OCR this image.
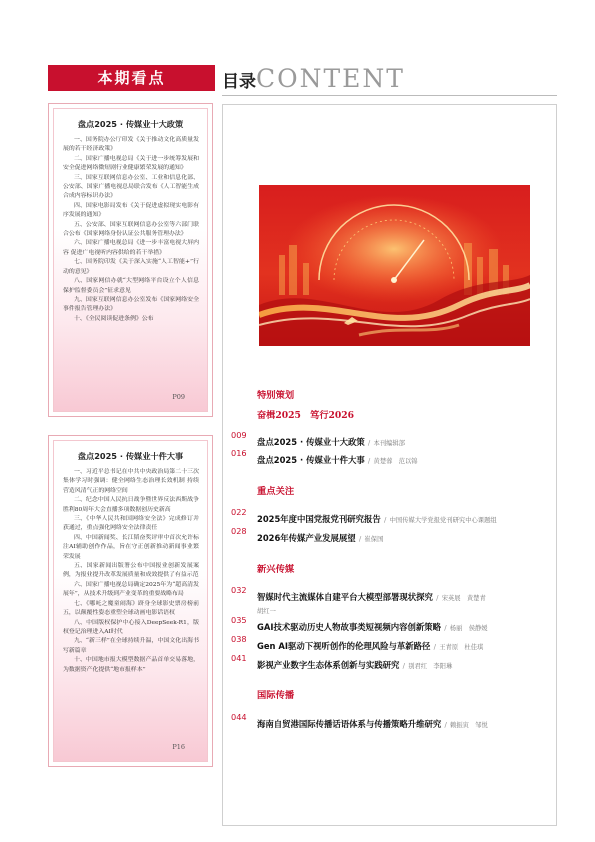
本期看点	目录CONTENT
盘点2025 · 传媒业十大政策
一、国务院办公厅印发《关于推动文化高质量发展的若干经济政策》
二、国家广播电视总局《关于进一步统筹发展和安全促进网络微短剧行业健康繁荣发展的通知》
三、国家互联网信息办公室、工业和信息化部、公安部、国家广播电视总局联合发布《人工智能生成合成内容标识办法》
四、国家电影局发布《关于促进虚拟现实电影有序发展的通知》
五、公安部、国家互联网信息办公室等六部门联合公布《国家网络身份认证公共服务管理办法》
六、国家广播电视总局《进一步丰富电视大屏内容 促进广电视听内容供给的若干举措》
七、国务院印发《关于深入实施“人工智能+”行动的意见》
八、国家网信办就“大型网络平台设立个人信息保护监督委员会”征求意见
九、国家互联网信息办公室发布《国家网络安全事件报告管理办法》
十、《全民阅读促进条例》公布
P09
盘点2025 · 传媒业十件大事
一、习近平总书记在中共中央政治局第二十三次集体学习时强调：健全网络生态治理长效机制 持续营造风清气正的网络空间
二、纪念中国人民抗日战争暨世界反法西斯战争胜利80周年大会直播多项数据创历史新高
三、《中华人民共和国网络安全法》完成修订并获通过，重点强化网络安全法律责任
四、中国新闻奖、长江韬奋奖评审中首次允许标注AI辅助创作作品，旨在守正创新推动新闻事业繁荣发展
五、国家新闻出版署公布中国报业创新发展案例，为报业提升改革发展质量和成效提供了有益示范
六、国家广播电视总局确定2025年为“超高清发展年”，从技术升级到产业变革的重要战略布局
七、《哪吒之魔童闹海》跻身全球影史票房榜前五，以颠覆性姿态重塑全球动画电影话语权
八、中国版权保护中心接入DeepSeek-R1，版权登记治理进入AI时代
九、“新三样”在全球持续升温，中国文化出海书写新篇章
十、中国地市报大模型数据产品首单交易落地，为数据资产化提供“地市报样本”
P16
特别策划
奋楫2025　笃行2026
009盘点2025 · 传媒业十大政策 / 本刊编辑部
016盘点2025 · 传媒业十件大事 / 黄楚蓉　范以锦
重点关注
0222025年度中国党报党刊研究报告 / 中国传媒大学党报党刊研究中心课题组
0282026年传媒产业发展展望 / 崔保国
新兴传媒
032智媒时代主流媒体自建平台大模型部署现状探究 / 宋英展　黄楚青
胡红一
035GAI技术驱动历史人物故事类短视频内容创新策略 / 杨丽　侯静媛
038Gen AI驱动下视听创作的伦理风险与革新路径 / 王青原　杜佳琪
041影视产业数字生态体系创新与实践研究 / 别君红　李阳琳
国际传播
044海南自贸港国际传播话语体系与传播策略升维研究 / 赖振寅　邹悦
